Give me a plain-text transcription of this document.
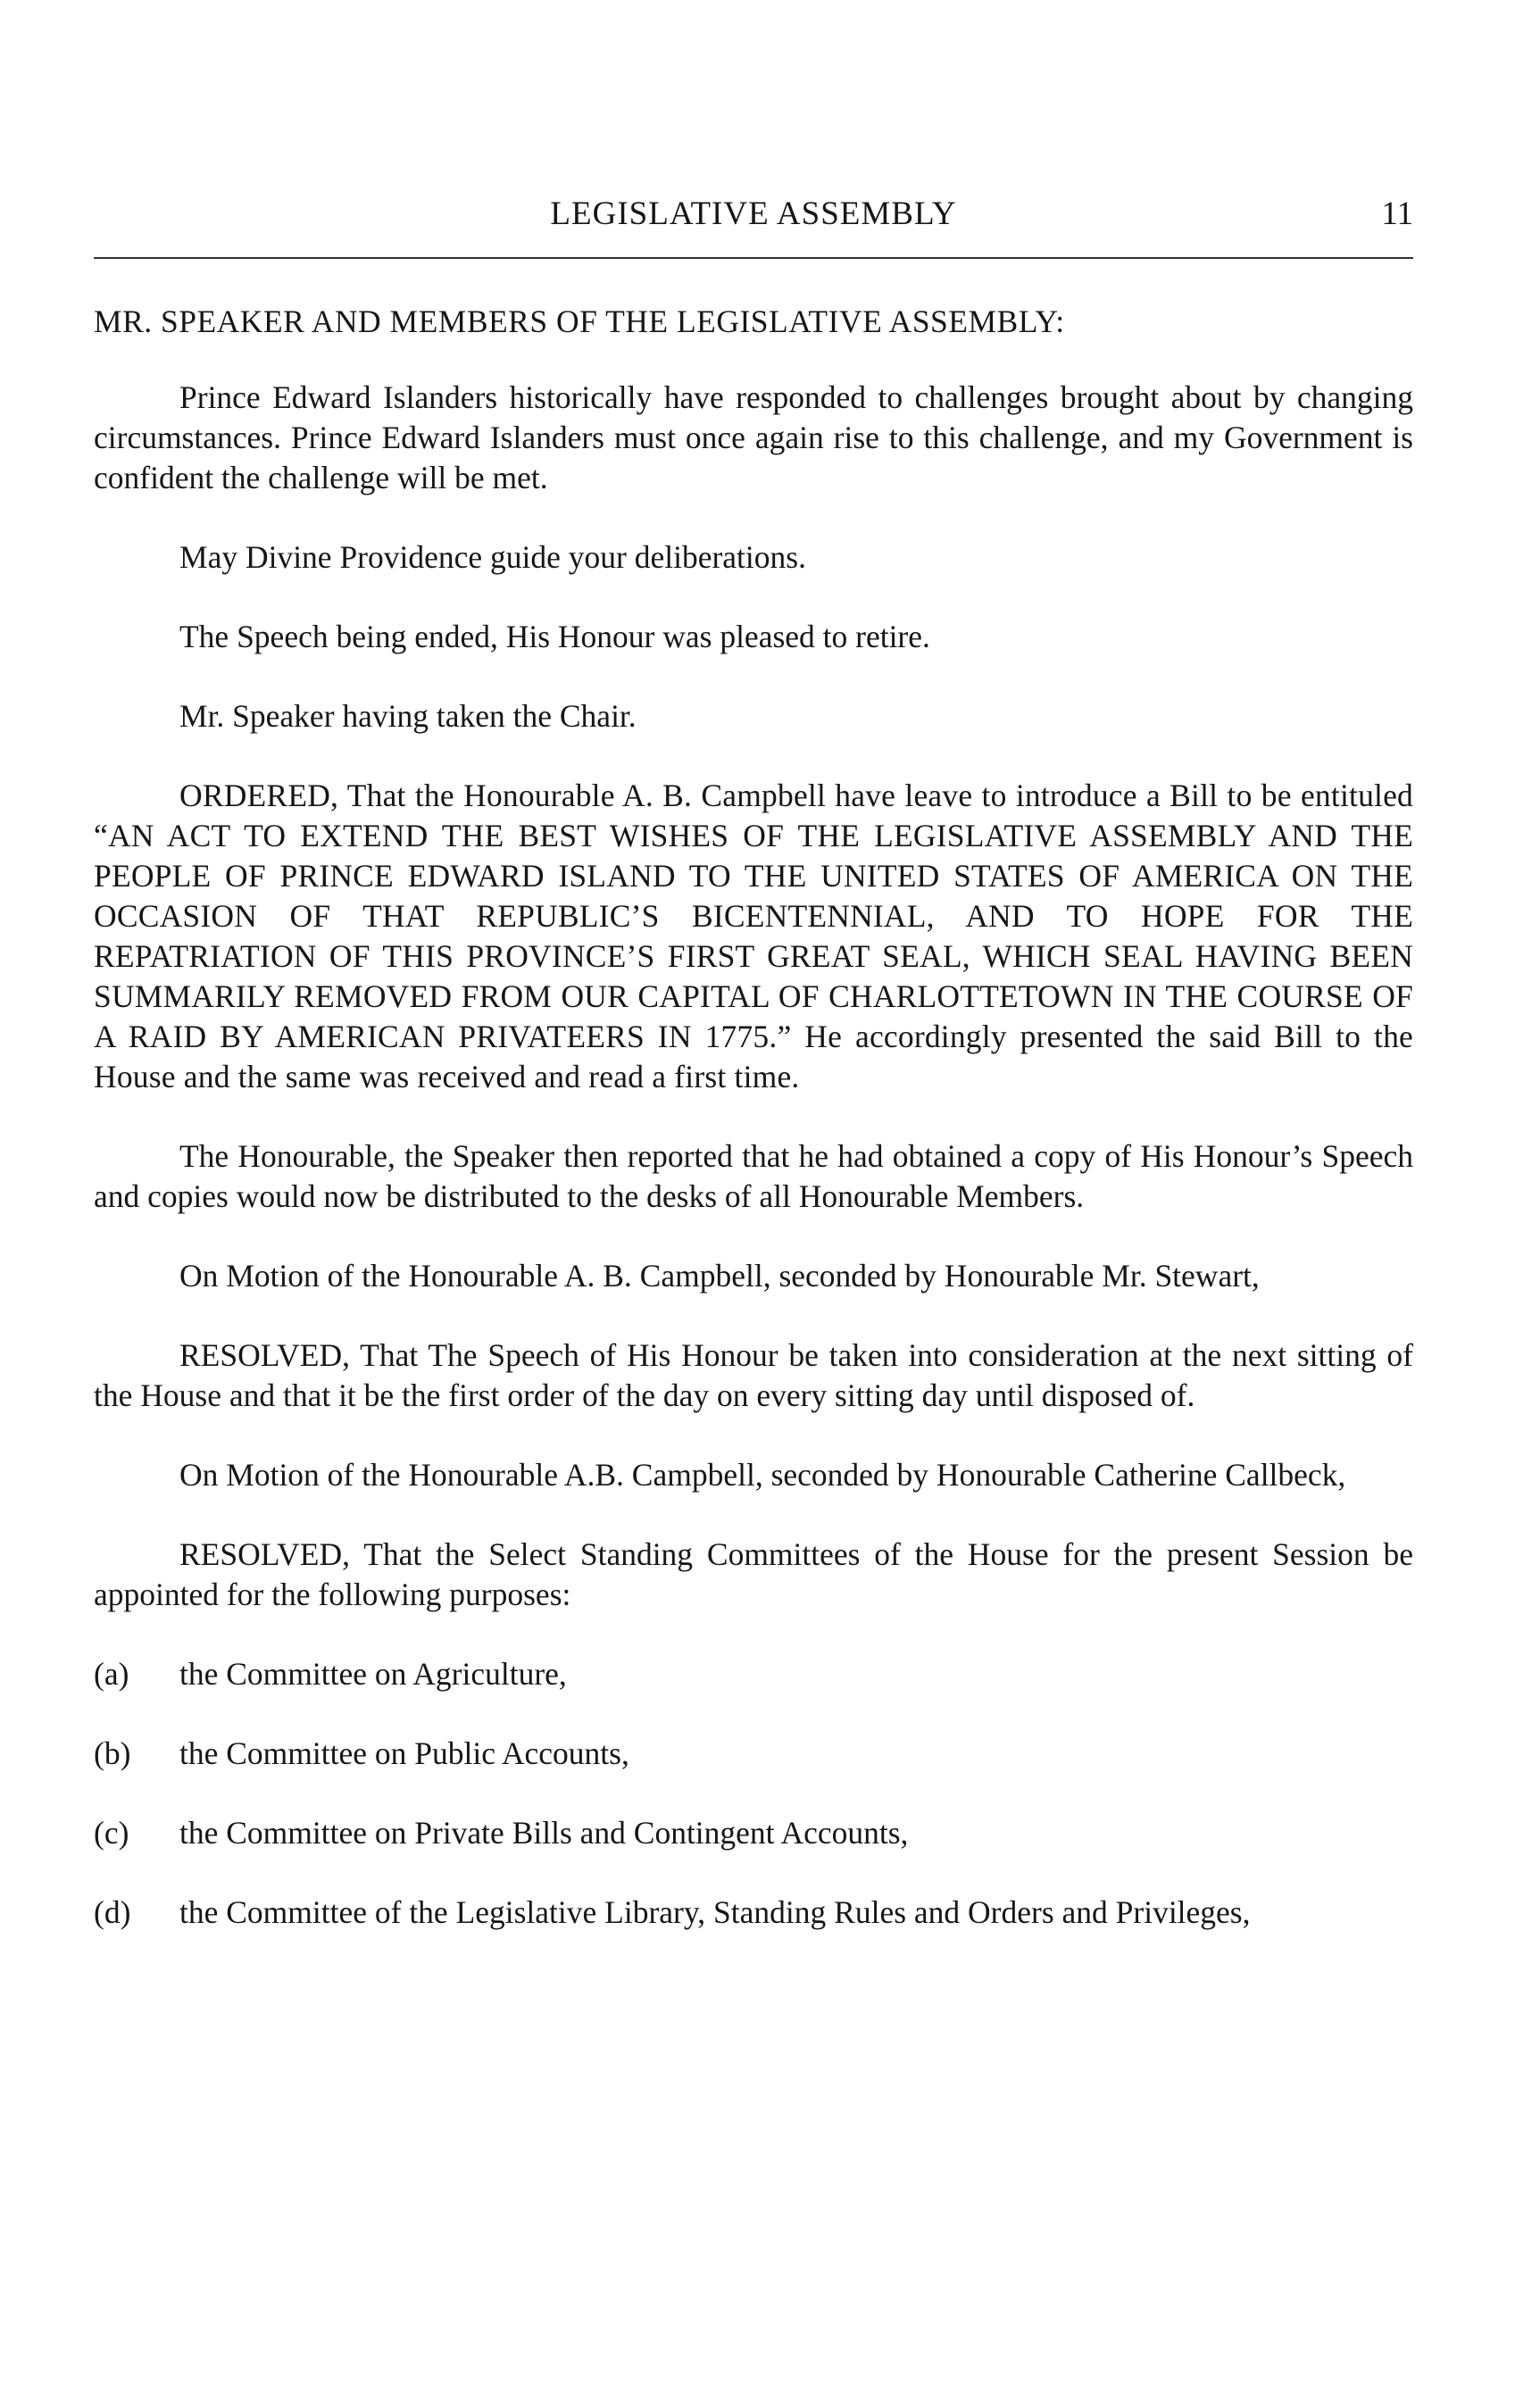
LEGISLATIVE ASSEMBLY	11

MR. SPEAKER AND MEMBERS OF THE LEGISLATIVE ASSEMBLY:

Prince Edward Islanders historically have responded to challenges brought about by changing circumstances. Prince Edward Islanders must once again rise to this challenge, and my Government is confident the challenge will be met.

May Divine Providence guide your deliberations.

The Speech being ended, His Honour was pleased to retire.

Mr. Speaker having taken the Chair.

ORDERED, That the Honourable A. B. Campbell have leave to introduce a Bill to be entituled “AN ACT TO EXTEND THE BEST WISHES OF THE LEGISLATIVE ASSEMBLY AND THE PEOPLE OF PRINCE EDWARD ISLAND TO THE UNITED STATES OF AMERICA ON THE OCCASION OF THAT REPUBLIC’S BICENTENNIAL, AND TO HOPE FOR THE REPATRIATION OF THIS PROVINCE’S FIRST GREAT SEAL, WHICH SEAL HAVING BEEN SUMMARILY REMOVED FROM OUR CAPITAL OF CHARLOTTETOWN IN THE COURSE OF A RAID BY AMERICAN PRIVATEERS IN 1775.” He accordingly presented the said Bill to the House and the same was received and read a first time.

The Honourable, the Speaker then reported that he had obtained a copy of His Honour’s Speech and copies would now be distributed to the desks of all Honourable Members.

On Motion of the Honourable A. B. Campbell, seconded by Honourable Mr. Stewart,

RESOLVED, That The Speech of His Honour be taken into consideration at the next sitting of the House and that it be the first order of the day on every sitting day until disposed of.

On Motion of the Honourable A.B. Campbell, seconded by Honourable Catherine Callbeck,

RESOLVED, That the Select Standing Committees of the House for the present Session be appointed for the following purposes:

(a)	the Committee on Agriculture,
(b)	the Committee on Public Accounts,
(c)	the Committee on Private Bills and Contingent Accounts,
(d)	the Committee of the Legislative Library, Standing Rules and Orders and Privileges,
